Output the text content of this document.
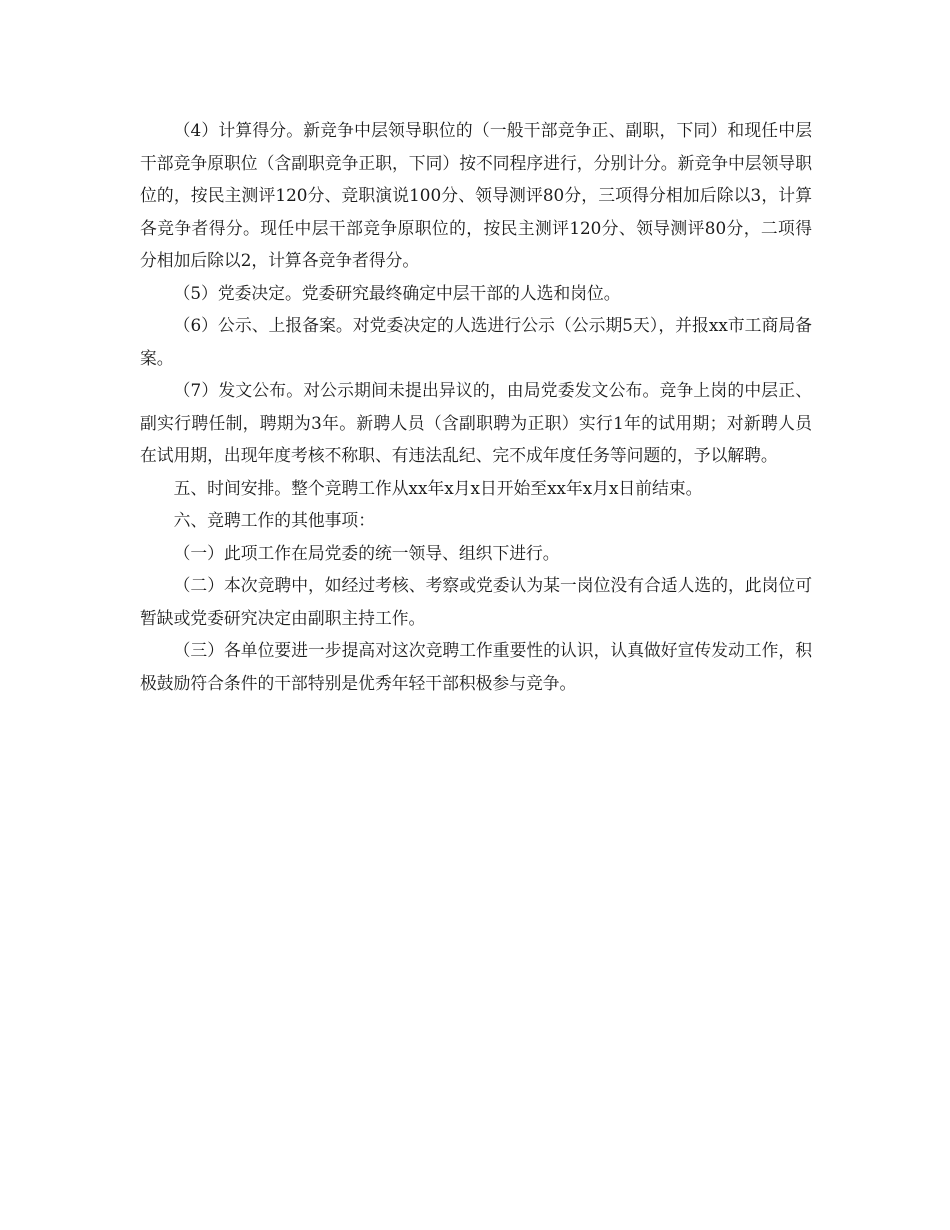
（4）计算得分。新竞争中层领导职位的（一般干部竞争正、副职，下同）和现任中层干部竞争原职位（含副职竞争正职，下同）按不同程序进行，分别计分。新竞争中层领导职位的，按民主测评120分、竞职演说100分、领导测评80分，三项得分相加后除以3，计算各竞争者得分。现任中层干部竞争原职位的，按民主测评120分、领导测评80分，二项得分相加后除以2，计算各竞争者得分。

（5）党委决定。党委研究最终确定中层干部的人选和岗位。

（6）公示、上报备案。对党委决定的人选进行公示（公示期5天），并报xx市工商局备案。

（7）发文公布。对公示期间未提出异议的，由局党委发文公布。竞争上岗的中层正、副实行聘任制，聘期为3年。新聘人员（含副职聘为正职）实行1年的试用期；对新聘人员在试用期，出现年度考核不称职、有违法乱纪、完不成年度任务等问题的，予以解聘。

五、时间安排。整个竞聘工作从xx年x月x日开始至xx年x月x日前结束。

六、竞聘工作的其他事项：

（一）此项工作在局党委的统一领导、组织下进行。

（二）本次竞聘中，如经过考核、考察或党委认为某一岗位没有合适人选的，此岗位可暂缺或党委研究决定由副职主持工作。

（三）各单位要进一步提高对这次竞聘工作重要性的认识，认真做好宣传发动工作，积极鼓励符合条件的干部特别是优秀年轻干部积极参与竞争。
